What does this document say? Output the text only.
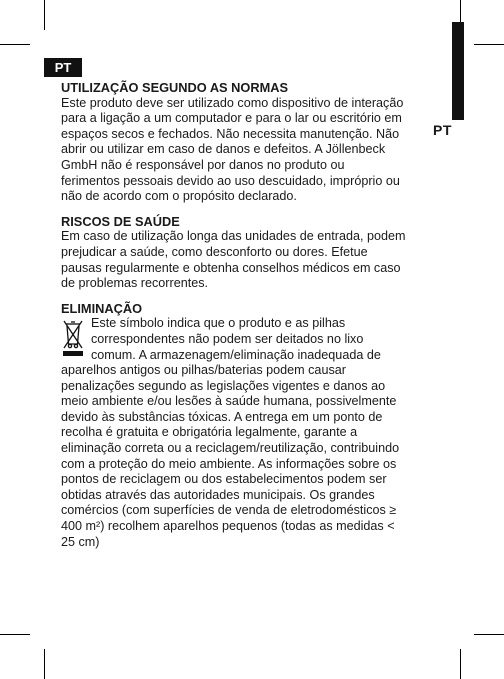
PT
PT
UTILIZAÇÃO SEGUNDO AS NORMAS

Este produto deve ser utilizado como dispositivo de interação para a ligação a um computador e para o lar ou escritório em espaços secos e fechados. Não necessita manutenção. Não abrir ou utilizar em caso de danos e defeitos. A Jöllenbeck GmbH não é responsável por danos no produto ou ferimentos pessoais devido ao uso descuidado, impróprio ou não de acordo com o propósito declarado.

RISCOS DE SAÚDE

Em caso de utilização longa das unidades de entrada, podem prejudicar a saúde, como desconforto ou dores. Efetue pausas regularmente e obtenha conselhos médicos em caso de problemas recorrentes.

ELIMINAÇÃO

Este símbolo indica que o produto e as pilhas correspondentes não podem ser deitados no lixo comum. A armazenagem/eliminação inadequada de

aparelhos antigos ou pilhas/baterias podem causar penalizações segundo as legislações vigentes e danos ao meio ambiente e/ou lesões à saúde humana, possivelmente devido às substâncias tóxicas. A entrega em um ponto de recolha é gratuita e obrigatória legalmente, garante a eliminação correta ou a reciclagem/reutilização, contribuindo com a proteção do meio ambiente. As informações sobre os pontos de reciclagem ou dos estabelecimentos podem ser obtidas através das autoridades municipais. Os grandes comércios (com superfícies de venda de eletrodomésticos ≥ 400 m²) recolhem aparelhos pequenos (todas as medidas < 25 cm)
